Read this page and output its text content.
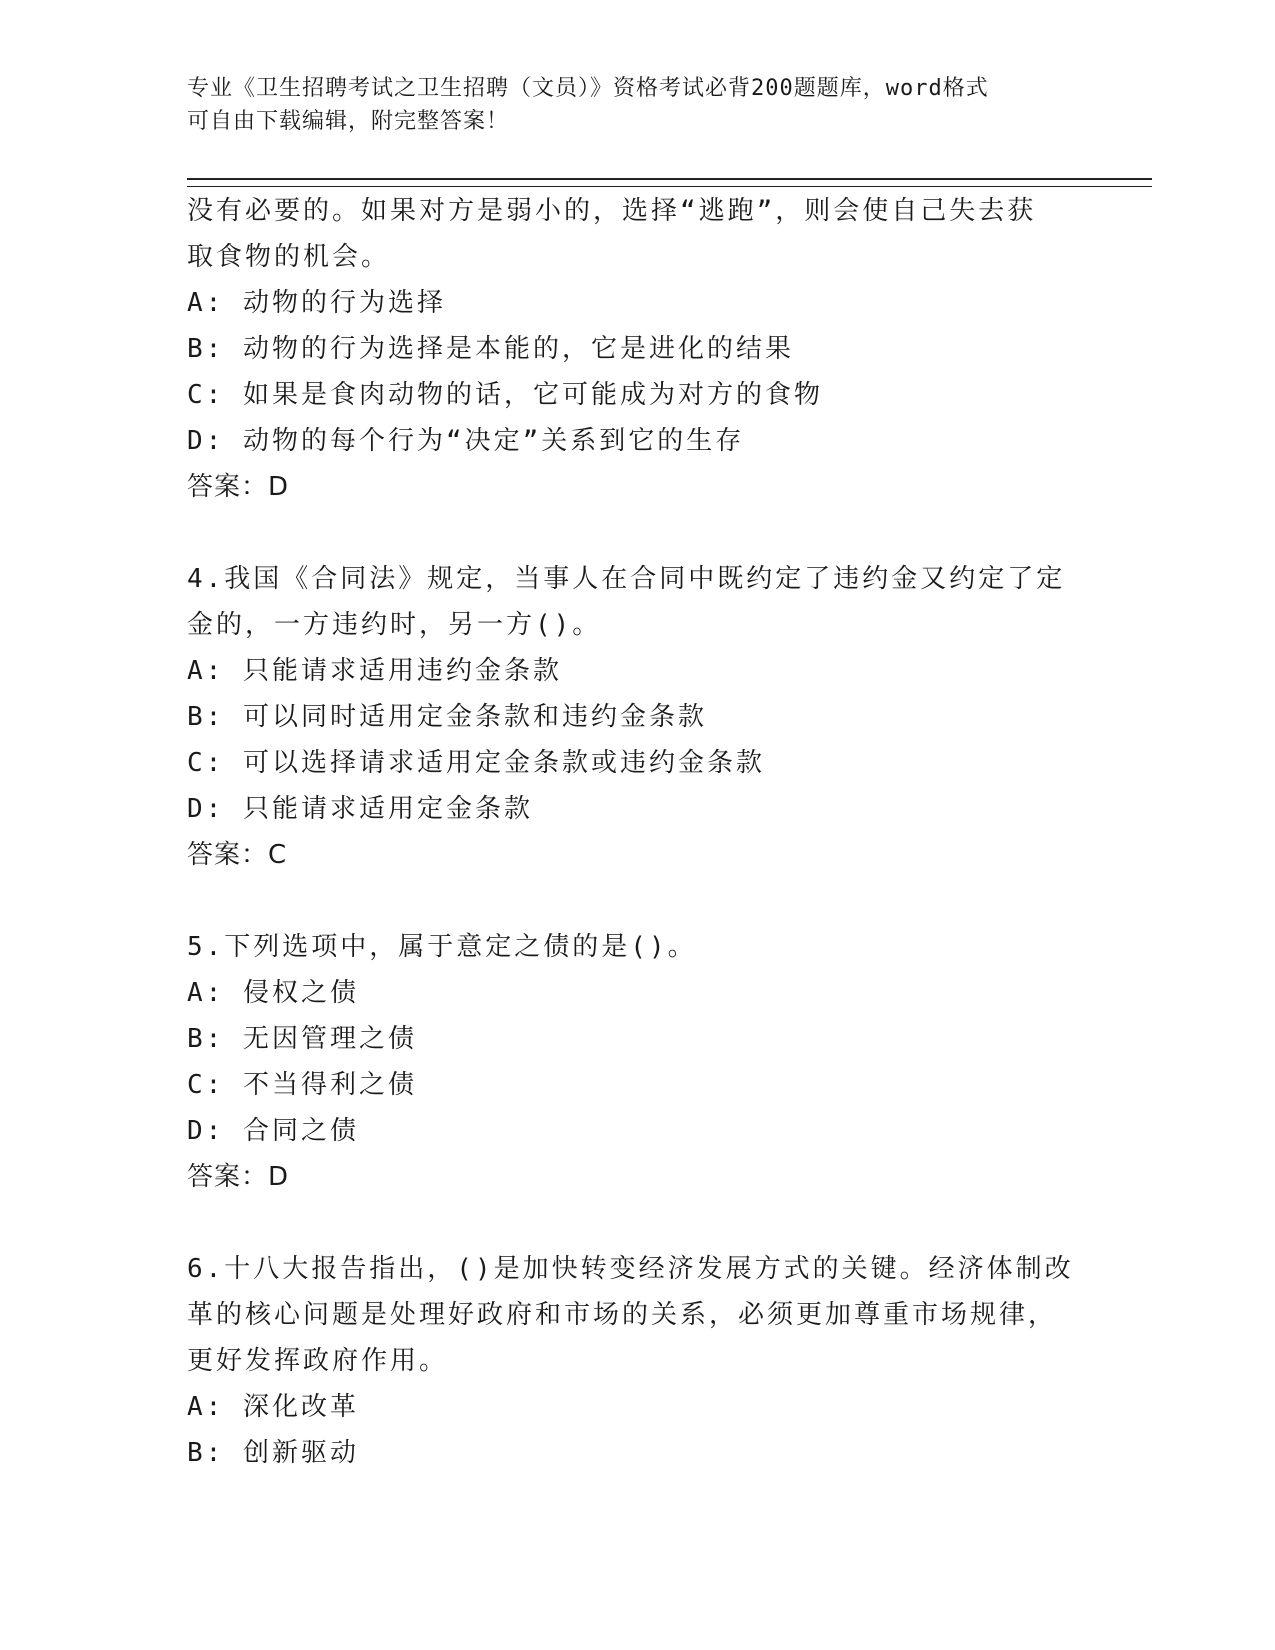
专业《卫生招聘考试之卫生招聘（文员）》资格考试必背200题题库，word格式
可自由下载编辑，附完整答案！
没有必要的。如果对方是弱小的，选择“逃跑”，则会使自己失去获
取食物的机会。
A: 动物的行为选择
B: 动物的行为选择是本能的，它是进化的结果
C: 如果是食肉动物的话，它可能成为对方的食物
D: 动物的每个行为“决定”关系到它的生存
答案：D
4.我国《合同法》规定，当事人在合同中既约定了违约金又约定了定
金的，一方违约时，另一方()。
A: 只能请求适用违约金条款
B: 可以同时适用定金条款和违约金条款
C: 可以选择请求适用定金条款或违约金条款
D: 只能请求适用定金条款
答案：C
5.下列选项中，属于意定之债的是()。
A: 侵权之债
B: 无因管理之债
C: 不当得利之债
D: 合同之债
答案：D
6.十八大报告指出，()是加快转变经济发展方式的关键。经济体制改
革的核心问题是处理好政府和市场的关系，必须更加尊重市场规律，
更好发挥政府作用。
A: 深化改革
B: 创新驱动
